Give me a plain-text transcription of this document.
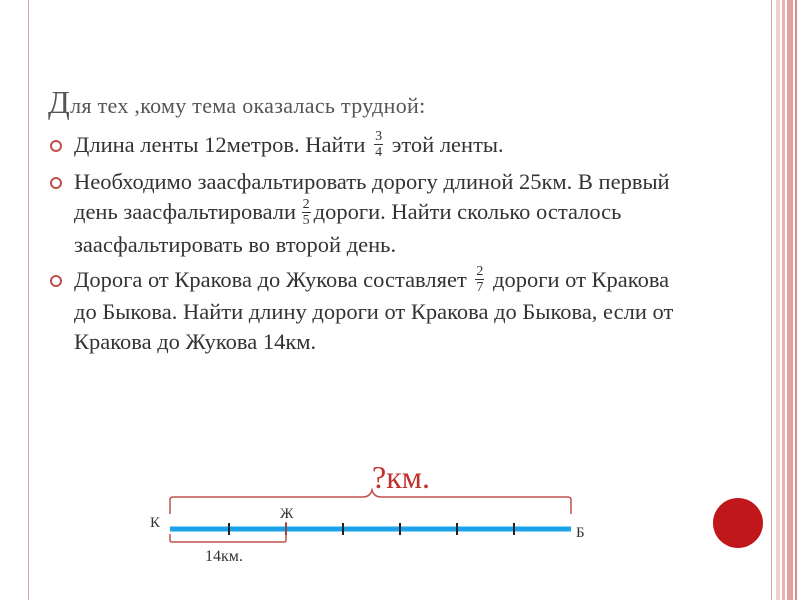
Для тех ,кому тема оказалась трудной:
Длина ленты 12метров. Найти $\frac{3}{4}$ этой ленты.
Необходимо заасфальтировать дорогу длиной 25км. В первый день заасфальтировали $\frac{2}{5}$ дороги. Найти сколько осталось заасфальтировать во второй день.
Дорога от Кракова до Жукова составляет $\frac{2}{7}$ дороги от Кракова до Быкова. Найти длину дороги от Кракова до Быкова, если от Кракова до Жукова 14км.
?км.
К
Ж
Б
14км.
